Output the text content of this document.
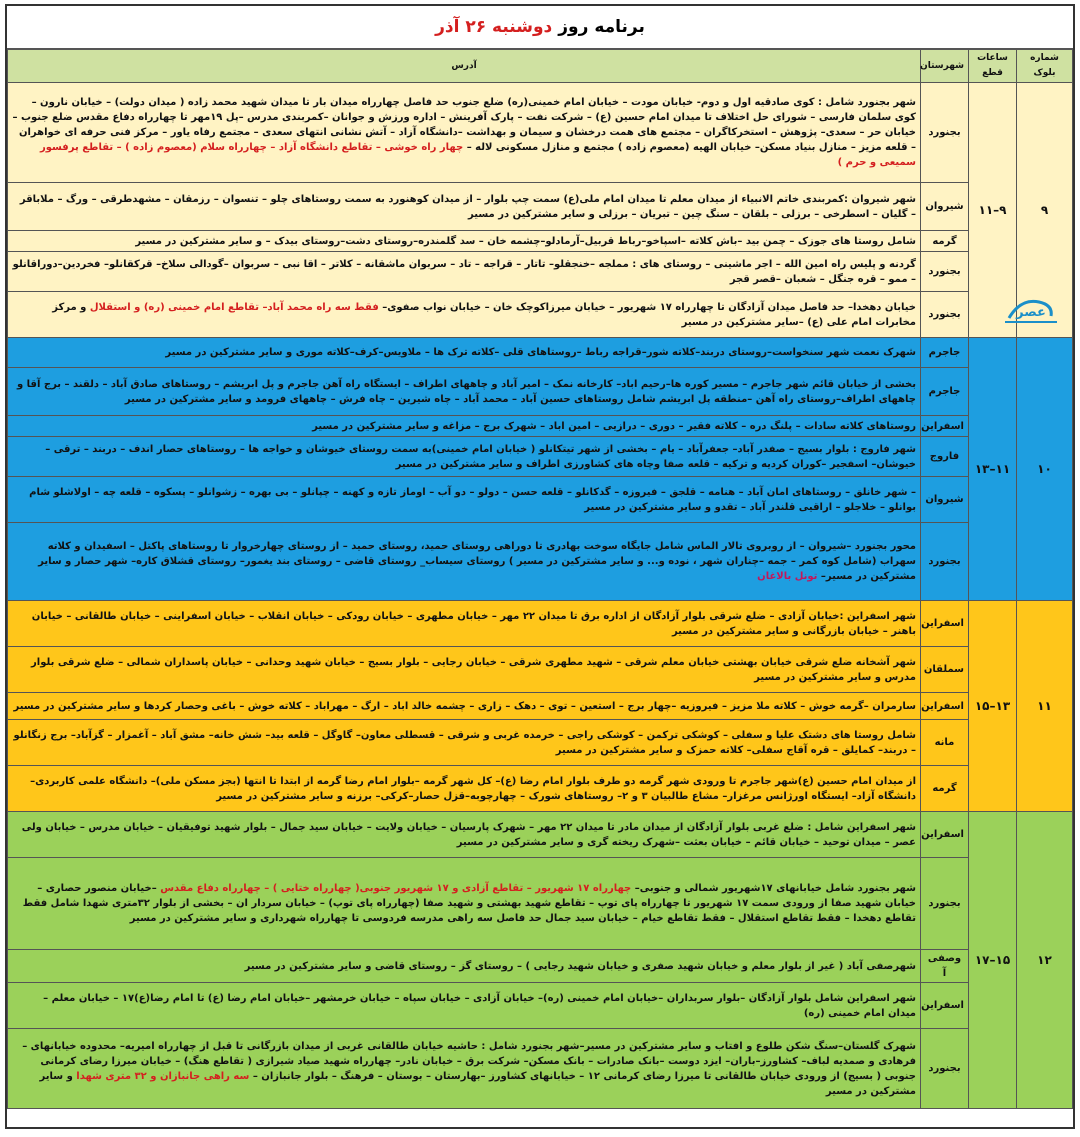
برنامه روز
دوشنبه ۲۶ آذر
شماره بلوک	ساعات قطع	شهرستان	آدرس
۹	۹–۱۱	بجنورد	شهر بجنورد شامل : کوی صادقیه اول و دوم- خیابان مودت – خیابان امام خمینی(ره) ضلع جنوب حد فاصل چهارراه میدان بار تا میدان شهید محمد زاده ( میدان دولت) – خیابان نارون – کوی سلمان فارسی – شورای حل اختلاف تا میدان امام حسین (ع) – شرکت نفت – پارک آفرینش – اداره ورزش و جوانان –کمربندی مدرس –پل ۱۹مهر تا چهارراه دفاع مقدس ضلع جنوب – خیابان حر – سعدی– پژوهش – استخرکاگران – مجتمع های همت درخشان و سیمان و بهداشت –دانشگاه آزاد – آتش نشانی انتهای سعدی – مجتمع رفاه یاور – مرکز فنی حرفه ای خواهران – قلعه مزیز – منازل بنیاد مسکن– خیابان الهیه (معصوم زاده ) مجتمع و منازل مسکونی لاله – چهار راه خوشی – تقاطع دانشگاه آزاد – چهارراه سلام (معصوم زاده ) – تقاطع پرفسور سمیعی و حرم )
		شیروان	شهر شیروان :کمربندی خاتم الانبیاء از میدان معلم تا میدان امام ملی(ع) سمت چپ بلوار – از میدان کوهنورد به سمت روستاهای چلو – تنسوان – رزمقان – مشهدطرقی – ورگ – ملاباقر – گلیان – اسطرخی – برزلی – بلقان – سنگ چین – تبریان – برزلی و سایر مشترکین در مسیر
		گرمه	شامل روستا های جوزک – چمن بید –باش کلاته –اسپاخو–رباط قربیل–آرمادلو–چشمه خان – سد گلمندره–روستای دشت–روستای بیدک – و سایر مشترکین در مسیر
		بجنورد	گردنه و پلیس راه امین الله – اجر ماشینی – روستای های : مملجه –خنجقلو– تاتار – قراجه – تاد – سربوان ماشقانه – کلاتر – اقا نبی – سربوان –گودالی سلاخ– قرکقانلو– فخردین–دوراقانلو – ممو – قره جنگل – شعبان –قصر قجر
		بجنورد	خیابان دهخدا– حد فاصل میدان آزادگان تا چهارراه ۱۷ شهریور – خیابان میرزاکوچک خان – خیابان نواب صفوی– فقط سه راه محمد آباد– تقاطع امام خمینی (ره) و استقلال و مرکز مخابرات امام علی (ع) –سایر مشترکین در مسیر
۱۰	۱۱–۱۳	جاجرم	شهرک نعمت شهر سنخواست–روستای دربند–کلاته شور–قراجه رباط –روستاهای قلی –کلاته ترک ها – ملاویس–کرف–کلاته موری و سایر مشترکین در مسیر
		جاجرم	بخشی از خیابان قائم شهر جاجرم – مسیر کوره ها–رحیم اباد– کارخانه نمک – امیر آباد و چاههای اطراف – ایستگاه راه آهن جاجرم و پل ابریشم – روستاهای صادق آباد – دلقند – برج آقا و چاههای اطراف–روستای راه آهن –منطقه پل ابریشم شامل روستاهای حسین آباد – محمد آباد – چاه شیرین – چاه فرش – چاههای فرومد و سایر مشترکین در مسیر
		اسفراین	روستاهای کلاته سادات – پلنگ دره – کلاته فقیر – دوری – درازیی – امین اباد – شهرک برج – مزاغه و سایر مشترکین در مسیر
		فاروج	شهر فاروج : بلوار بسیج – صفدر آباد– جعفرآباد – یام – بخشی از شهر تیتکانلو ( خیابان امام خمینی)به سمت روستای خیوشان و خواجه ها – روستاهای حصار اندف – دربند – ترقی – خیوشان– اسفجیر –کوران کردیه و ترکیه – قلعه صفا وچاه های کشاورزی اطراف و سایر مشترکین در مسیر
		شیروان	– شهر خانلق – روستاهای امان آباد – هنامه – قلجق – فیروزه – گدکانلو – قلعه حسن – دولو – دو آب – اوماز تازه و کهنه – چپانلو – بی بهره – زشوانلو – پسکوه – قلعه چه – اولاشلو شام بوانلو – خلاجلو – اراقیی قلندر آباد – تقدو و سایر مشترکین در مسیر
		بجنورد	محور بجنورد –شیروان – از روبروی تالار الماس شامل جایگاه سوخت بهادری تا دوراهی روستای حمید، روستای حمید – از روستای چهارخروار تا روستاهای پاکتل – اسفیدان و کلاته سهراب (شامل کوه کمر – جمه –چناران شهر ، نوده و... و سایر مشترکین در مسیر ) روستای سیساب_ روستای قاضی – روستای بند یغمور– روستای قشلاق کاره– شهر حصار و سایر مشترکین در مسیر– تونل بالاغان
۱۱	۱۳–۱۵	اسفراین	شهر اسفراین :خیابان آزادی – ضلع شرقی بلوار آزادگان از اداره برق تا میدان ۲۲ مهر – خیابان مطهری – خیابان رودکی – خیابان انقلاب – خیابان اسفراینی – خیابان طالقانی – خیابان باهنر – خیابان بازرگانی و سایر مشترکین در مسیر
		سملقان	شهر آشخانه ضلع شرقی خیابان بهشتی خیابان معلم شرقی – شهید مطهری شرقی – خیابان رجایی – بلوار بسیج – خیابان شهید وحدانی – خیابان پاسداران شمالی – ضلع شرقی بلوار مدرس و سایر مشترکین در مسیر
		اسفراین	سارمران –گرمه خوش – کلاته ملا مزیز – فیروزیه –چهار برج – استعین – توی – دهک – زاری – چشمه خالد اباد – ارگ – مهراباد – کلاته خوش – باغی وحصار کردها و سایر مشترکین در مسیر
		مانه	شامل روستا های دشتک علیا و سفلی – کوشکی ترکمن – کوشکی راجی – خرمده غربی و شرقی – قسطلی معاون– گاوگل – قلعه بید– شش خانه– مشق آباد – آغمزار – گزآباد– برج زنگانلو – دربند– کمایلق – قره آقاج سفلی– کلاته حمزک و سایر مشترکین در مسیر
		گرمه	از میدان امام حسین (ع)شهر جاجرم تا ورودی شهر گرمه دو طرف بلوار امام رضا (ع)– کل شهر گرمه –بلوار امام رضا گرمه از ابتدا تا انتها (بجز مسکن ملی)– دانشگاه علمی کاربردی–دانشگاه آزاد– ایستگاه اورژانس مرغزار– مشاع طالبیان ۳ و ۲– روستاهای شورک – چهارچوبه–قزل حصار–کرکی– برزنه و سایر مشترکین در مسیر
۱۲	۱۵–۱۷	اسفراین	شهر اسفراین شامل : ضلع غربی بلوار آزادگان از میدان مادر تا میدان ۲۲ مهر – شهرک پارسیان – خیابان ولایت – خیابان سید جمال – بلوار شهید توفیقیان – خیابان مدرس – خیابان ولی عصر – میدان توحید – خیابان قائم – خیابان بعثت –شهرک ریخته گری و سایر مشترکین در مسیر
		بجنورد	شهر بجنورد شامل خیابانهای ۱۷شهریور شمالی و جنوبی– چهارراه ۱۷ شهریور – تقاطع آزادی و ۱۷ شهریور جنوبی( چهارراه ختایی ) – چهارراه دفاع مقدس –خیابان منصور حصاری – خیابان شهید صفا از ورودی سمت ۱۷ شهریور تا چهارراه پای توپ – تقاطع شهید بهشتی و شهید صفا (چهارراه پای توپ) – خیابان سردار ان – بخشی از بلوار ۳۲متری شهدا شامل فقط تقاطع دهخدا – فقط تقاطع استقلال – فقط تقاطع خیام – خیابان سید جمال حد فاصل سه راهی مدرسه فردوسی تا چهارراه شهرداری و سایر مشترکین در مسیر
		وصفی آ	شهرصفی آباد ( غیر از بلوار معلم و خیابان شهید صفری و خیابان شهید رجایی ) – روستای گز – روستای قاضی و سایر مشترکین در مسیر
		اسفراین	شهر اسفراین شامل بلوار آزادگان –بلوار سربداران –خیابان امام خمینی (ره)– خیابان آزادی – خیابان سپاه – خیابان خرمشهر –خیابان امام رضا (ع) تا امام رضا(ع)۱۷ – خیابان معلم – میدان امام خمینی (ره)
		بجنورد	شهرک گلستان–سنگ شکن طلوع و افتاب و سایر مشترکین در مسیر–شهر بجنورد شامل : حاشیه خیابان طالقانی غربی از میدان بازرگانی تا قبل از چهارراه امیریه– محدوده خیابانهای –فرهادی و صمدیه لباف– کشاورز–باران– ایزد دوست –بانک صادرات – بانک مسکن– شرکت برق – خیابان نادر– چهارراه شهید صیاد شیرازی ( تقاطع هنگ) – خیابان میرزا رضای کرمانی جنوبی ( بسیج) از ورودی خیابان طالقانی تا میرزا رضای کرمانی ۱۲ – خیابانهای کشاورز –بهارستان – بوستان – فرهنگ – بلوار جانبازان – سه راهی جانبازان و ۳۲ متری شهدا و سایر مشترکین در مسیر
عصر
